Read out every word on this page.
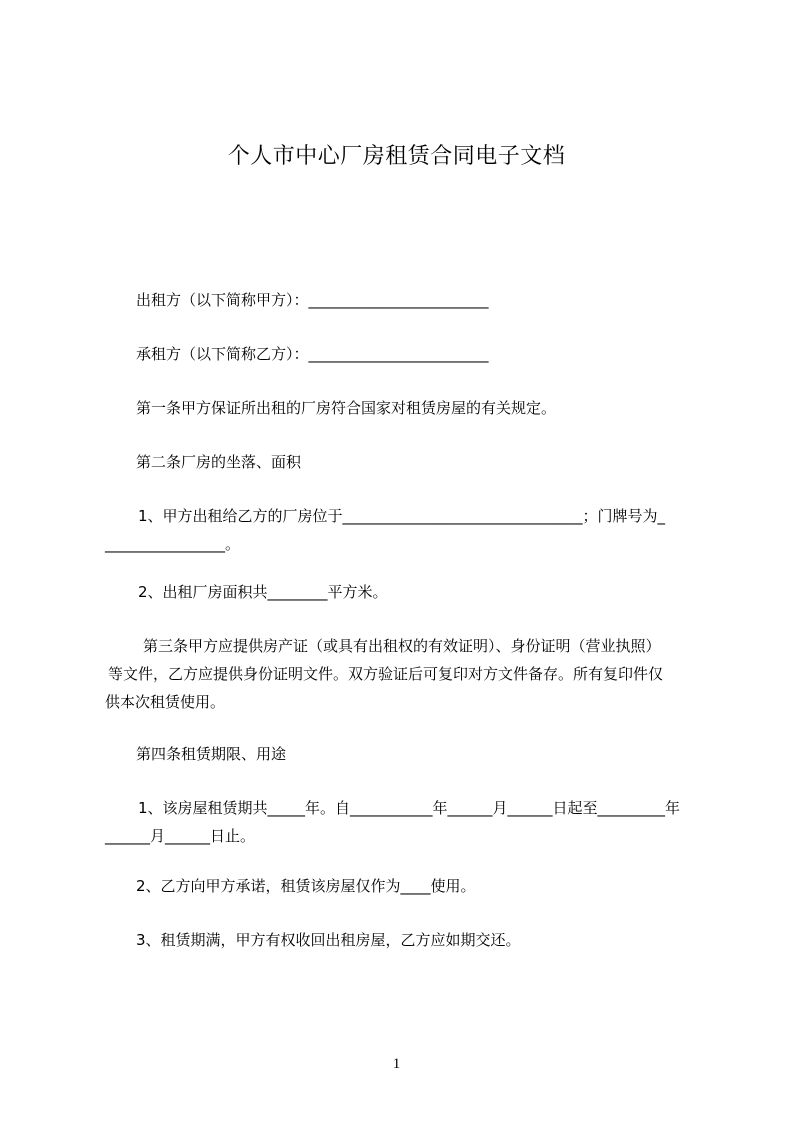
个人市中心厂房租赁合同电子文档
出租方（以下简称甲方）：________________________
承租方（以下简称乙方）：________________________
第一条甲方保证所出租的厂房符合国家对租赁房屋的有关规定。
第二条厂房的坐落、面积
1、甲方出租给乙方的厂房位于________________________________；门牌号为_
________________。
2、出租厂房面积共________平方米。
第三条甲方应提供房产证（或具有出租权的有效证明）、身份证明（营业执照）
等文件，乙方应提供身份证明文件。双方验证后可复印对方文件备存。所有复印件仅
供本次租赁使用。
第四条租赁期限、用途
1、该房屋租赁期共_____年。自___________年______月______日起至_________年
______月______日止。
2、乙方向甲方承诺，租赁该房屋仅作为____使用。
3、租赁期满，甲方有权收回出租房屋，乙方应如期交还。
1
